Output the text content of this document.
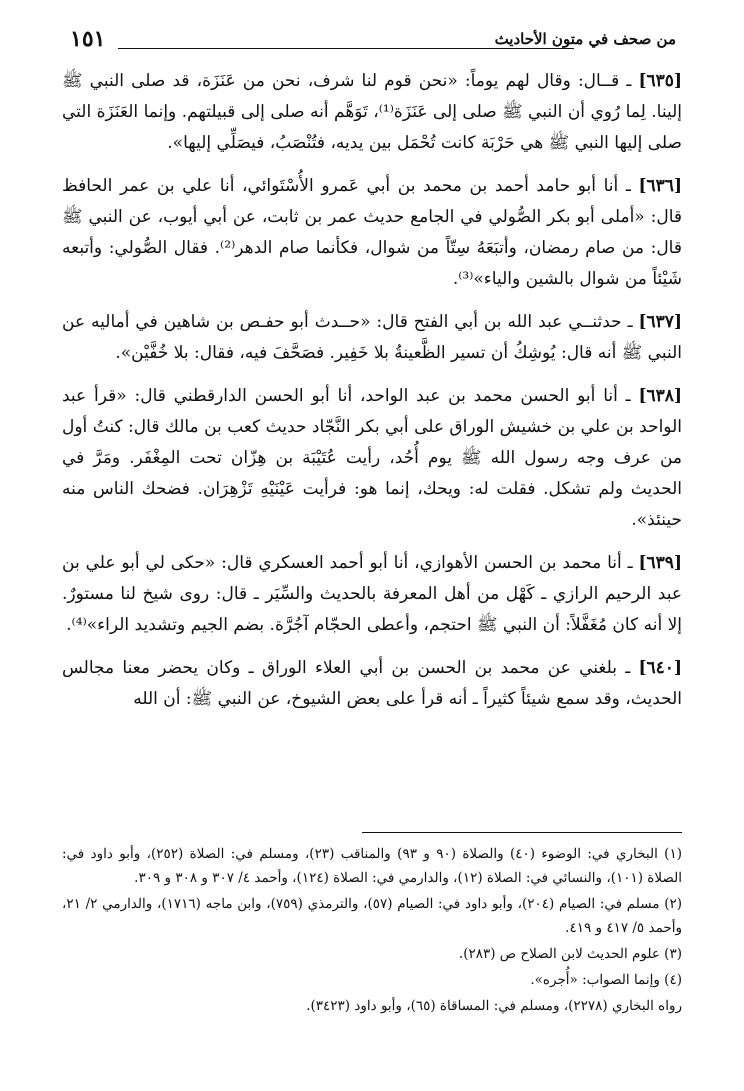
١٥١	من صحف في متون الأحاديث

[٦٣٥] ـ قــال: وقال لهم يوماً: «نحن قوم لنا شرف، نحن من عَنَزَة، قد صلى النبي ﷺ إلينا. لِما رُوي أن النبي ﷺ صلى إلى عَنَزَة⁽¹⁾، تَوَهَّم أنه صلى إلى قبيلتهم. وإنما العَنَزَة التي صلى إليها النبي ﷺ هي حَرْبَة كانت تُحْمَل بين يديه، فتُنْصَبُ، فيصَلِّي إليها».

[٦٣٦] ـ أنا أبو حامد أحمد بن محمد بن أبي عَمرو الأُسْتَوائي، أنا علي بن عمر الحافظ قال: «أملى أبو بكر الصُّولي في الجامع حديث عمر بن ثابت، عن أبي أيوب، عن النبي ﷺ قال: من صام رمضان، وأتبَعَهُ سِتّاً من شوال، فكأنما صام الدهر⁽²⁾. فقال الصُّولي: وأتبعه شَيْئاً من شوال بالشين والياء»⁽³⁾.

[٦٣٧] ـ حدثنــي عبد الله بن أبي الفتح قال: «حــدث أبو حفـص بن شاهين في أماليه عن النبي ﷺ أنه قال: يُوشِكُ أن تسير الظَّعينةُ بلا خَفِير. فصَحَّفَ فيه، فقال: بلا خُفَّيْن».

[٦٣٨] ـ أنا أبو الحسن محمد بن عبد الواحد، أنا أبو الحسن الدارقطني قال: «قرأ عبد الواحد بن علي بن خشيش الوراق على أبي بكر النَّجّاد حديث كعب بن مالك قال: كنتُ أول من عرف وجه رسول الله ﷺ يوم أُحُد، رأيت عُتَيْبَة بن هِزّان تحت المِغْفَر. ومَرَّ في الحديث ولم تشكل. فقلت له: ويحك، إنما هو: فرأيت عَيْنَيْهِ تَزْهِرَان. فضحك الناس منه حينئذ».

[٦٣٩] ـ أنا محمد بن الحسن الأهوازي، أنا أبو أحمد العسكري قال: «حكى لي أبو علي بن عبد الرحيم الرازي ـ كَهْل من أهل المعرفة بالحديث والسِّيَر ـ قال: روى شيخ لنا مستورٌ. إلا أنه كان مُغَفَّلاً: أن النبي ﷺ احتجم، وأعطى الحجّام آجُرَّة. بضم الجيم وتشديد الراء»⁽⁴⁾.

[٦٤٠] ـ بلغني عن محمد بن الحسن بن أبي العلاء الوراق ـ وكان يحضر معنا مجالس الحديث، وقد سمع شيئاً كثيراً ـ أنه قرأ على بعض الشيوخ، عن النبي ﷺ: أن الله

(١) البخاري في: الوضوء (٤٠) والصلاة (٩٠ و ٩٣) والمناقب (٢٣)، ومسلم في: الصلاة (٢٥٢)، وأبو داود في: الصلاة (١٠١)، والنسائي في: الصلاة (١٢)، والدارمي في: الصلاة (١٢٤)، وأحمد ٤/ ٣٠٧ و ٣٠٨ و ٣٠٩.

(٢) مسلم في: الصيام (٢٠٤)، وأبو داود في: الصيام (٥٧)، والترمذي (٧٥٩)، وابن ماجه (١٧١٦)، والدارمي ٢/ ٢١، وأحمد ٥/ ٤١٧ و ٤١٩.

(٣) علوم الحديث لابن الصلاح ص (٢٨٣).

(٤) وإنما الصواب: «أُجره».

رواه البخاري (٢٢٧٨)، ومسلم في: المساقاة (٦٥)، وأبو داود (٣٤٢٣).
